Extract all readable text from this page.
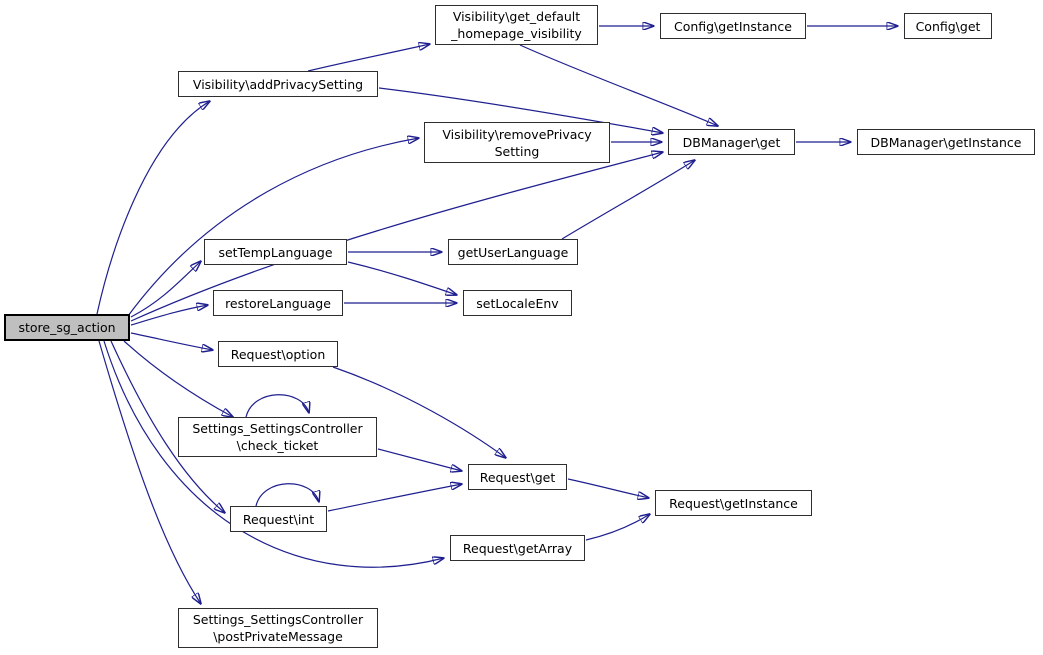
store_sg_action
Visibility\addPrivacySetting
Visibility\get_default
_homepage_visibility	Config\getInstance	Config\get
Visibility\removePrivacy
Setting
DBManager\get	DBManager\getInstance
setTempLanguage	getUserLanguage
restoreLanguage	setLocaleEnv
Request\option
Settings_SettingsController
\check_ticket
Request\get
Request\int
Request\getInstance
Request\getArray
Settings_SettingsController
\postPrivateMessage
